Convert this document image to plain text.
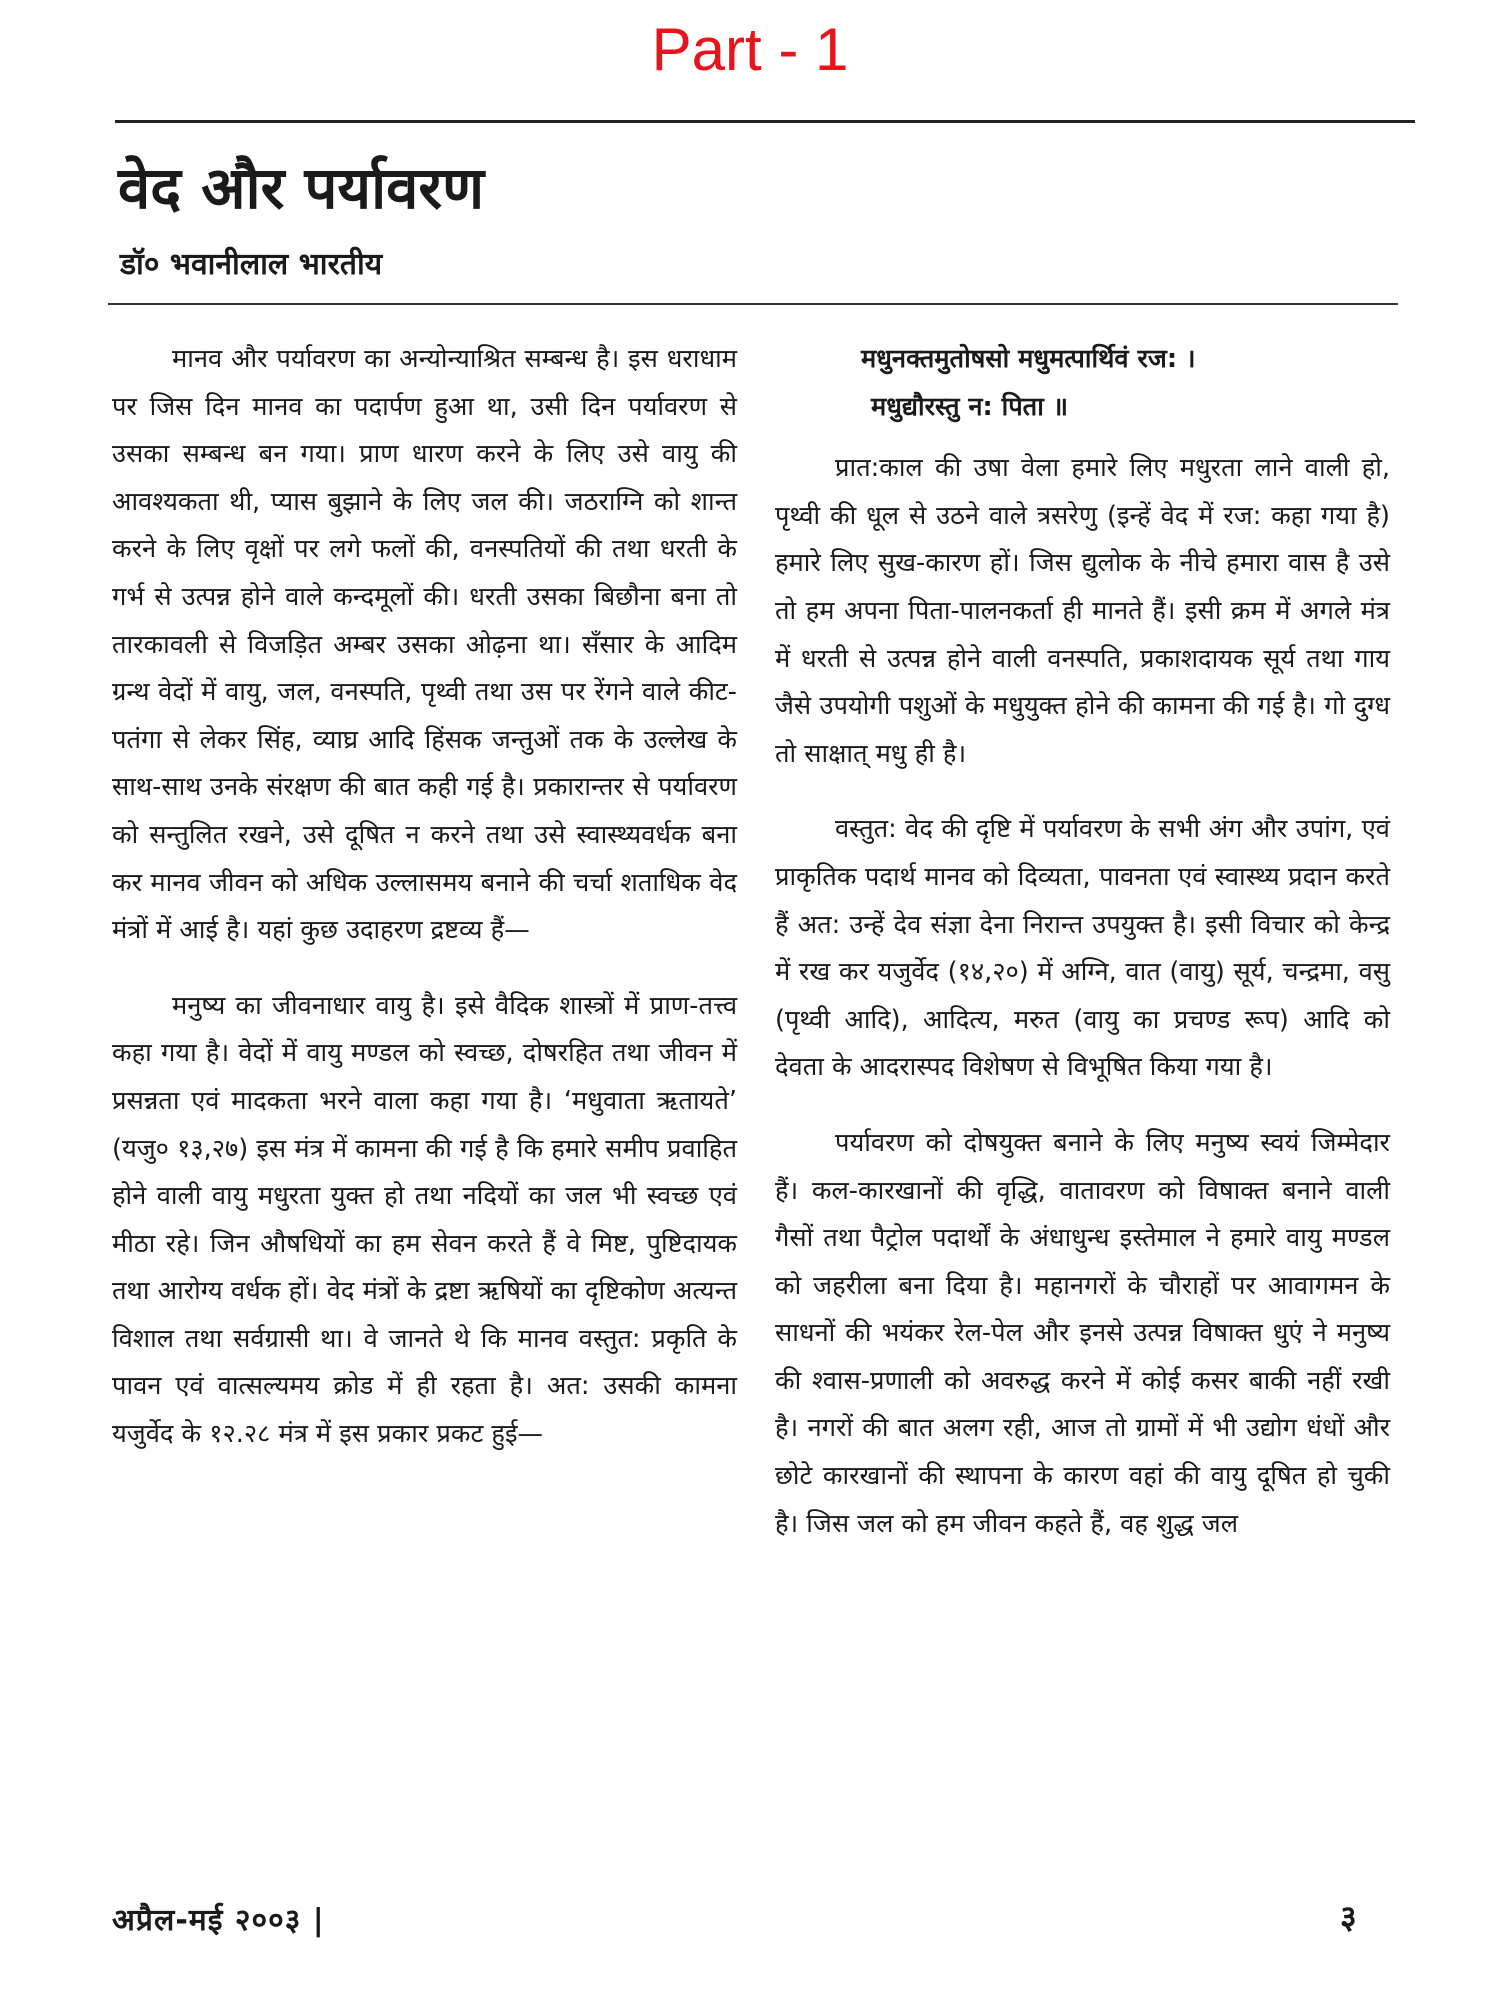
Part - 1
वेद और पर्यावरण
डॉ० भवानीलाल भारतीय

मानव और पर्यावरण का अन्योन्याश्रित सम्बन्ध है। इस धराधाम पर जिस दिन मानव का पदार्पण हुआ था, उसी दिन पर्यावरण से उसका सम्बन्ध बन गया। प्राण धारण करने के लिए उसे वायु की आवश्यकता थी, प्यास बुझाने के लिए जल की। जठराग्नि को शान्त करने के लिए वृक्षों पर लगे फलों की, वनस्पतियों की तथा धरती के गर्भ से उत्पन्न होने वाले कन्दमूलों की। धरती उसका बिछौना बना तो तारकावली से विजड़ित अम्बर उसका ओढ़ना था। सँसार के आदिम ग्रन्थ वेदों में वायु, जल, वनस्पति, पृथ्वी तथा उस पर रेंगने वाले कीट-पतंगा से लेकर सिंह, व्याघ्र आदि हिंसक जन्तुओं तक के उल्लेख के साथ-साथ उनके संरक्षण की बात कही गई है। प्रकारान्तर से पर्यावरण को सन्तुलित रखने, उसे दूषित न करने तथा उसे स्वास्थ्यवर्धक बना कर मानव जीवन को अधिक उल्लासमय बनाने की चर्चा शताधिक वेद मंत्रों में आई है। यहां कुछ उदाहरण द्रष्टव्य हैं—

मनुष्य का जीवनाधार वायु है। इसे वैदिक शास्त्रों में प्राण-तत्त्व कहा गया है। वेदों में वायु मण्डल को स्वच्छ, दोषरहित तथा जीवन में प्रसन्नता एवं मादकता भरने वाला कहा गया है। ‘मधुवाता ऋतायते’ (यजु० १३,२७) इस मंत्र में कामना की गई है कि हमारे समीप प्रवाहित होने वाली वायु मधुरता युक्त हो तथा नदियों का जल भी स्वच्छ एवं मीठा रहे। जिन औषधियों का हम सेवन करते हैं वे मिष्ट, पुष्टिदायक तथा आरोग्य वर्धक हों। वेद मंत्रों के द्रष्टा ऋषियों का दृष्टिकोण अत्यन्त विशाल तथा सर्वग्रासी था। वे जानते थे कि मानव वस्तुत: प्रकृति के पावन एवं वात्सल्यमय क्रोड में ही रहता है। अत: उसकी कामना यजुर्वेद के १२.२८ मंत्र में इस प्रकार प्रकट हुई—

मधुनक्तमुतोषसो मधुमत्पार्थिवं रज: ।
मधुद्यौरस्तु न: पिता ॥

प्रात:काल की उषा वेला हमारे लिए मधुरता लाने वाली हो, पृथ्वी की धूल से उठने वाले त्रसरेणु (इन्हें वेद में रज: कहा गया है) हमारे लिए सुख-कारण हों। जिस द्युलोक के नीचे हमारा वास है उसे तो हम अपना पिता-पालनकर्ता ही मानते हैं। इसी क्रम में अगले मंत्र में धरती से उत्पन्न होने वाली वनस्पति, प्रकाशदायक सूर्य तथा गाय जैसे उपयोगी पशुओं के मधुयुक्त होने की कामना की गई है। गो दुग्ध तो साक्षात् मधु ही है।

वस्तुत: वेद की दृष्टि में पर्यावरण के सभी अंग और उपांग, एवं प्राकृतिक पदार्थ मानव को दिव्यता, पावनता एवं स्वास्थ्य प्रदान करते हैं अत: उन्हें देव संज्ञा देना निरान्त उपयुक्त है। इसी विचार को केन्द्र में रख कर यजुर्वेद (१४,२०) में अग्नि, वात (वायु) सूर्य, चन्द्रमा, वसु (पृथ्वी आदि), आदित्य, मरुत (वायु का प्रचण्ड रूप) आदि को देवता के आदरास्पद विशेषण से विभूषित किया गया है।

पर्यावरण को दोषयुक्त बनाने के लिए मनुष्य स्वयं जिम्मेदार हैं। कल-कारखानों की वृद्धि, वातावरण को विषाक्त बनाने वाली गैसों तथा पैट्रोल पदार्थों के अंधाधुन्ध इस्तेमाल ने हमारे वायु मण्डल को जहरीला बना दिया है। महानगरों के चौराहों पर आवागमन के साधनों की भयंकर रेल-पेल और इनसे उत्पन्न विषाक्त धुएं ने मनुष्य की श्वास-प्रणाली को अवरुद्ध करने में कोई कसर बाकी नहीं रखी है। नगरों की बात अलग रही, आज तो ग्रामों में भी उद्योग धंधों और छोटे कारखानों की स्थापना के कारण वहां की वायु दूषित हो चुकी है। जिस जल को हम जीवन कहते हैं, वह शुद्ध जल

अप्रैल-मई २००३ |	३
